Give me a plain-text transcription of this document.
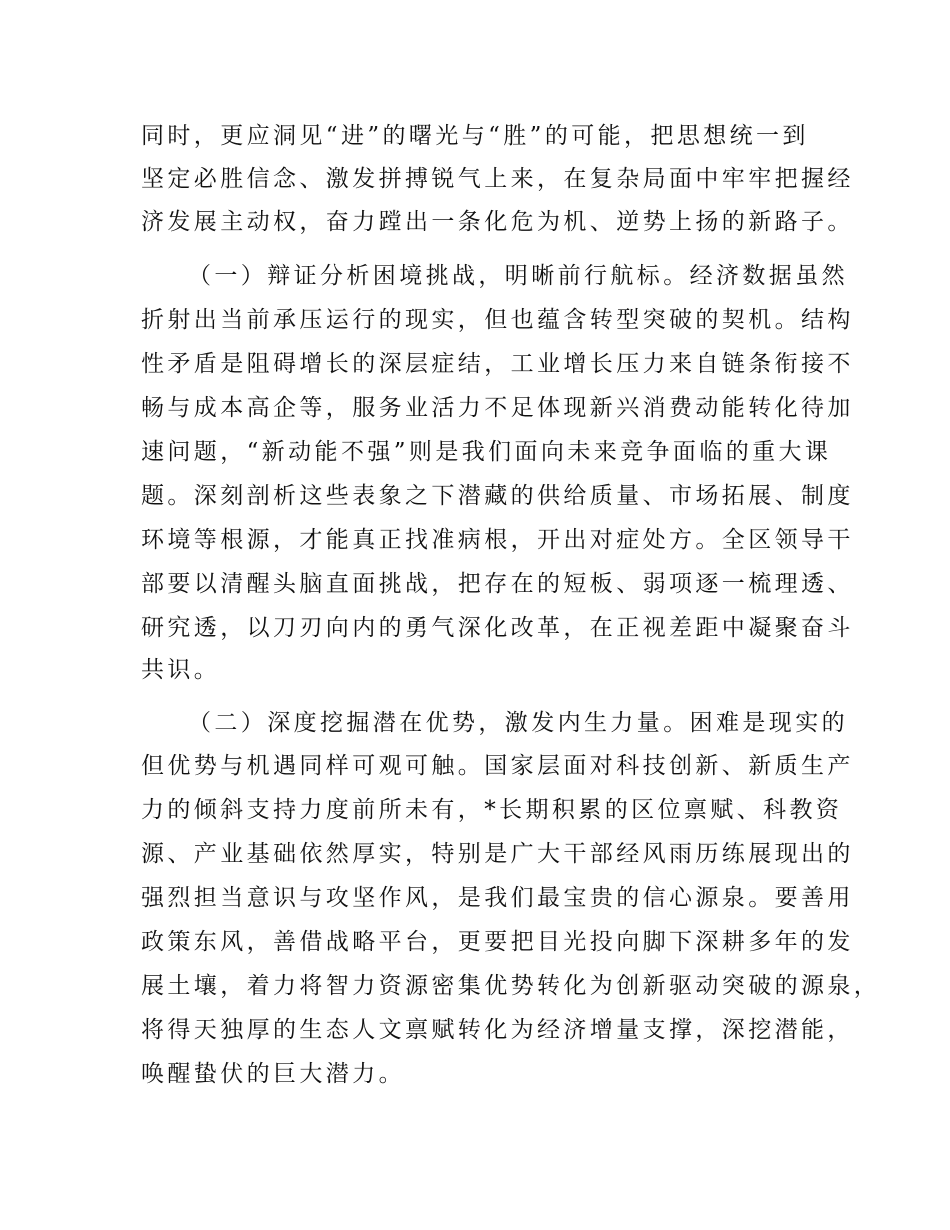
同时，更应洞见“进”的曙光与“胜”的可能，把思想统一到
坚定必胜信念、激发拼搏锐气上来，在复杂局面中牢牢把握经
济发展主动权，奋力蹚出一条化危为机、逆势上扬的新路子。
（一）辩证分析困境挑战，明晰前行航标。经济数据虽然
折射出当前承压运行的现实，但也蕴含转型突破的契机。结构
性矛盾是阻碍增长的深层症结，工业增长压力来自链条衔接不
畅与成本高企等，服务业活力不足体现新兴消费动能转化待加
速问题，“新动能不强”则是我们面向未来竞争面临的重大课
题。深刻剖析这些表象之下潜藏的供给质量、市场拓展、制度
环境等根源，才能真正找准病根，开出对症处方。全区领导干
部要以清醒头脑直面挑战，把存在的短板、弱项逐一梳理透、
研究透，以刀刃向内的勇气深化改革，在正视差距中凝聚奋斗
共识。
（二）深度挖掘潜在优势，激发内生力量。困难是现实的
但优势与机遇同样可观可触。国家层面对科技创新、新质生产
力的倾斜支持力度前所未有，*长期积累的区位禀赋、科教资
源、产业基础依然厚实，特别是广大干部经风雨历练展现出的
强烈担当意识与攻坚作风，是我们最宝贵的信心源泉。要善用
政策东风，善借战略平台，更要把目光投向脚下深耕多年的发
展土壤，着力将智力资源密集优势转化为创新驱动突破的源泉，
将得天独厚的生态人文禀赋转化为经济增量支撑，深挖潜能，
唤醒蛰伏的巨大潜力。
